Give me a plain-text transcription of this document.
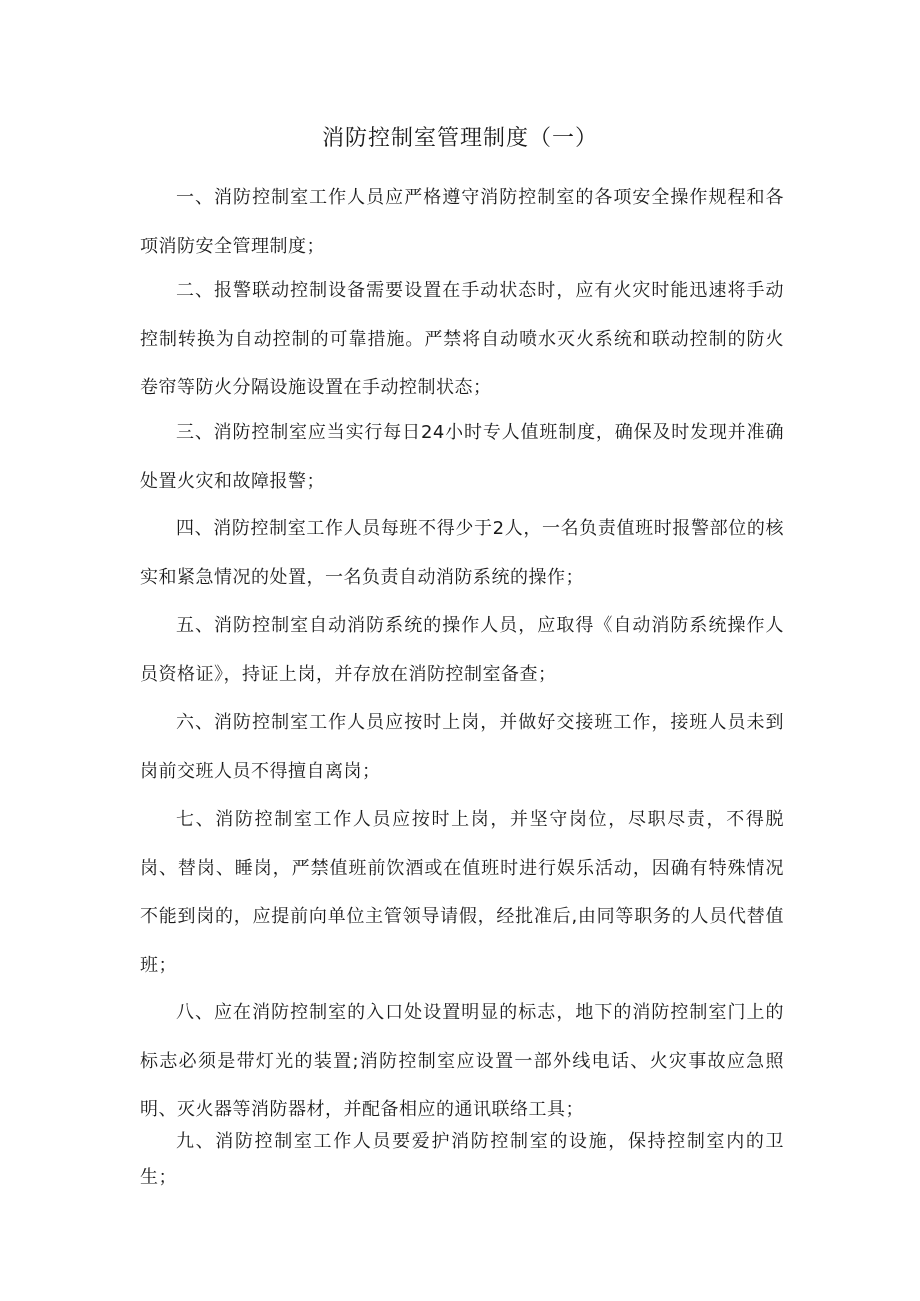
消防控制室管理制度（一）

一、消防控制室工作人员应严格遵守消防控制室的各项安全操作规程和各项消防安全管理制度；

二、报警联动控制设备需要设置在手动状态时，应有火灾时能迅速将手动控制转换为自动控制的可靠措施。严禁将自动喷水灭火系统和联动控制的防火卷帘等防火分隔设施设置在手动控制状态；

三、消防控制室应当实行每日24小时专人值班制度，确保及时发现并准确处置火灾和故障报警；

四、消防控制室工作人员每班不得少于2人，一名负责值班时报警部位的核实和紧急情况的处置，一名负责自动消防系统的操作；

五、消防控制室自动消防系统的操作人员，应取得《自动消防系统操作人员资格证》，持证上岗，并存放在消防控制室备查；

六、消防控制室工作人员应按时上岗，并做好交接班工作，接班人员未到岗前交班人员不得擅自离岗；

七、消防控制室工作人员应按时上岗，并坚守岗位，尽职尽责，不得脱岗、替岗、睡岗，严禁值班前饮酒或在值班时进行娱乐活动，因确有特殊情况不能到岗的，应提前向单位主管领导请假，经批准后,由同等职务的人员代替值班；

八、应在消防控制室的入口处设置明显的标志，地下的消防控制室门上的标志必须是带灯光的装置;消防控制室应设置一部外线电话、火灾事故应急照明、灭火器等消防器材，并配备相应的通讯联络工具；

九、消防控制室工作人员要爱护消防控制室的设施，保持控制室内的卫生；
